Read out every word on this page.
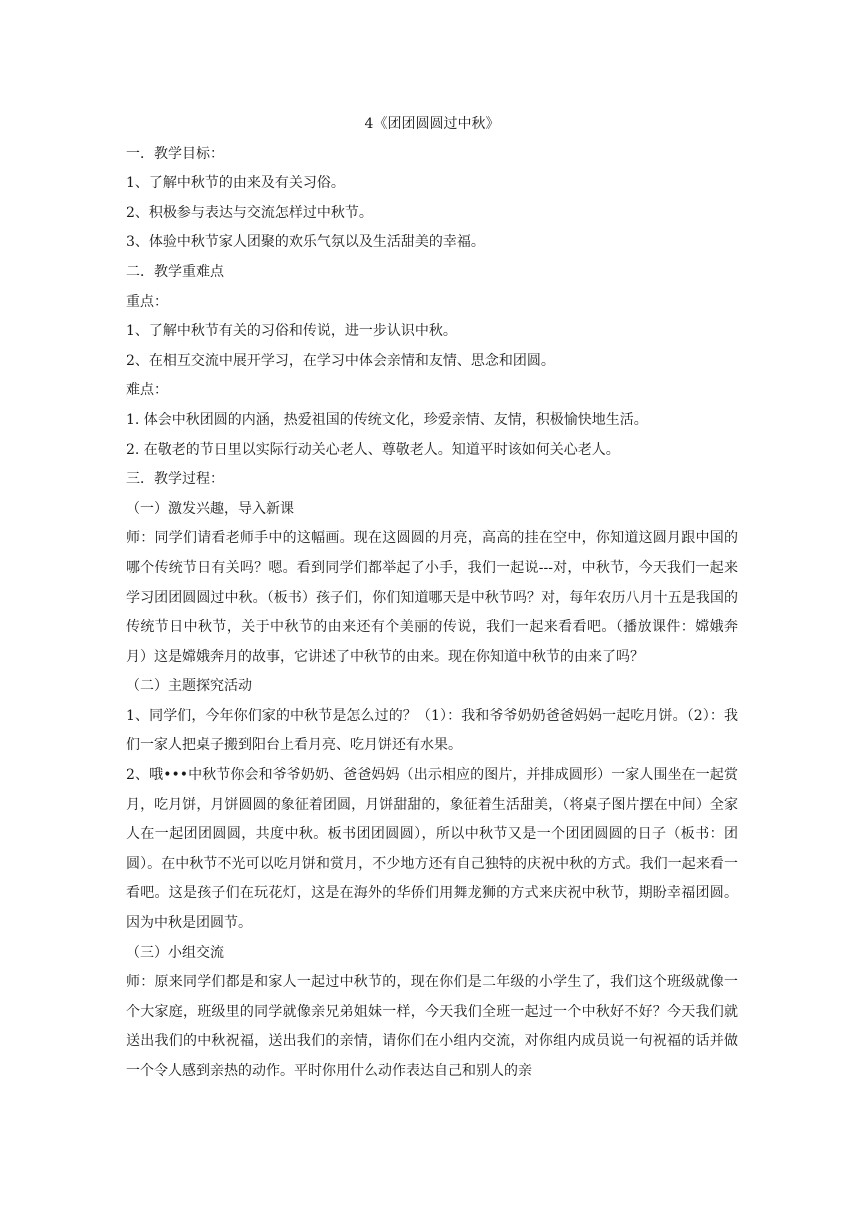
4《团团圆圆过中秋》

一．教学目标：

1、了解中秋节的由来及有关习俗。

2、积极参与表达与交流怎样过中秋节。

3、体验中秋节家人团聚的欢乐气氛以及生活甜美的幸福。

二．教学重难点

重点：

1、了解中秋节有关的习俗和传说，进一步认识中秋。

2、在相互交流中展开学习，在学习中体会亲情和友情、思念和团圆。

难点：

1. 体会中秋团圆的内涵，热爱祖国的传统文化，珍爱亲情、友情，积极愉快地生活。

2. 在敬老的节日里以实际行动关心老人、尊敬老人。知道平时该如何关心老人。

三．教学过程：

（一）激发兴趣，导入新课

师：同学们请看老师手中的这幅画。现在这圆圆的月亮，高高的挂在空中，你知道这圆月跟中国的哪个传统节日有关吗？嗯。看到同学们都举起了小手，我们一起说---对，中秋节，今天我们一起来学习团团圆圆过中秋。（板书）孩子们，你们知道哪天是中秋节吗？对，每年农历八月十五是我国的传统节日中秋节，关于中秋节的由来还有个美丽的传说，我们一起来看看吧。（播放课件：嫦娥奔月）这是嫦娥奔月的故事，它讲述了中秋节的由来。现在你知道中秋节的由来了吗？

（二）主题探究活动

1、同学们，今年你们家的中秋节是怎么过的？（1）：我和爷爷奶奶爸爸妈妈一起吃月饼。（2）：我们一家人把桌子搬到阳台上看月亮、吃月饼还有水果。

2、哦•••中秋节你会和爷爷奶奶、爸爸妈妈（出示相应的图片，并排成圆形）一家人围坐在一起赏月，吃月饼，月饼圆圆的象征着团圆，月饼甜甜的，象征着生活甜美，（将桌子图片摆在中间）全家人在一起团团圆圆，共度中秋。板书团团圆圆），所以中秋节又是一个团团圆圆的日子（板书：团圆）。在中秋节不光可以吃月饼和赏月，不少地方还有自己独特的庆祝中秋的方式。我们一起来看一看吧。这是孩子们在玩花灯，这是在海外的华侨们用舞龙狮的方式来庆祝中秋节，期盼幸福团圆。因为中秋是团圆节。

（三）小组交流

师：原来同学们都是和家人一起过中秋节的，现在你们是二年级的小学生了，我们这个班级就像一个大家庭，班级里的同学就像亲兄弟姐妹一样，今天我们全班一起过一个中秋好不好？今天我们就送出我们的中秋祝福，送出我们的亲情，请你们在小组内交流，对你组内成员说一句祝福的话并做一个令人感到亲热的动作。平时你用什么动作表达自己和别人的亲
